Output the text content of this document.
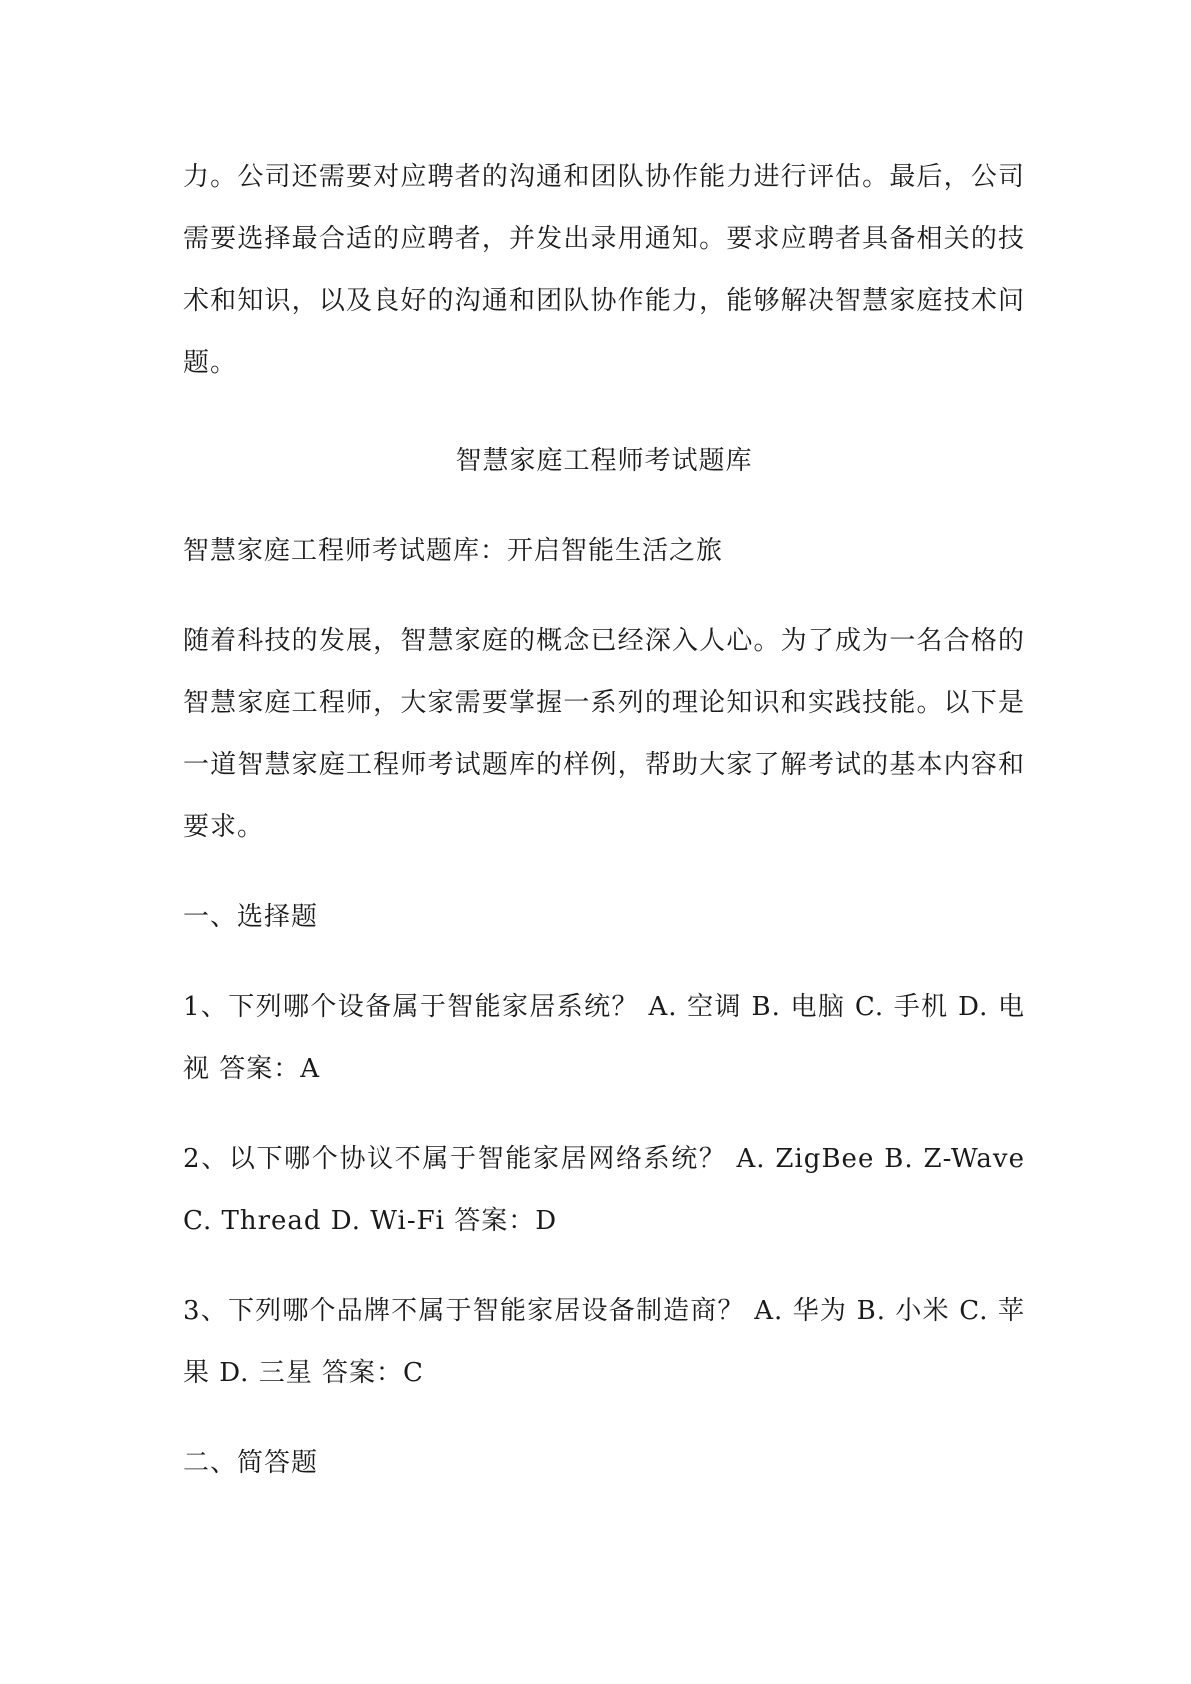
力。公司还需要对应聘者的沟通和团队协作能力进行评估。最后，公司需要选择最合适的应聘者，并发出录用通知。要求应聘者具备相关的技术和知识，以及良好的沟通和团队协作能力，能够解决智慧家庭技术问题。

智慧家庭工程师考试题库

智慧家庭工程师考试题库：开启智能生活之旅

随着科技的发展，智慧家庭的概念已经深入人心。为了成为一名合格的智慧家庭工程师，大家需要掌握一系列的理论知识和实践技能。以下是一道智慧家庭工程师考试题库的样例，帮助大家了解考试的基本内容和要求。

一、选择题

1、下列哪个设备属于智能家居系统？ A. 空调 B. 电脑 C. 手机 D. 电视 答案：A

2、以下哪个协议不属于智能家居网络系统？ A. ZigBee B. Z-Wave C. Thread D. Wi-Fi 答案：D

3、下列哪个品牌不属于智能家居设备制造商？ A. 华为 B. 小米 C. 苹果 D. 三星 答案：C

二、简答题
